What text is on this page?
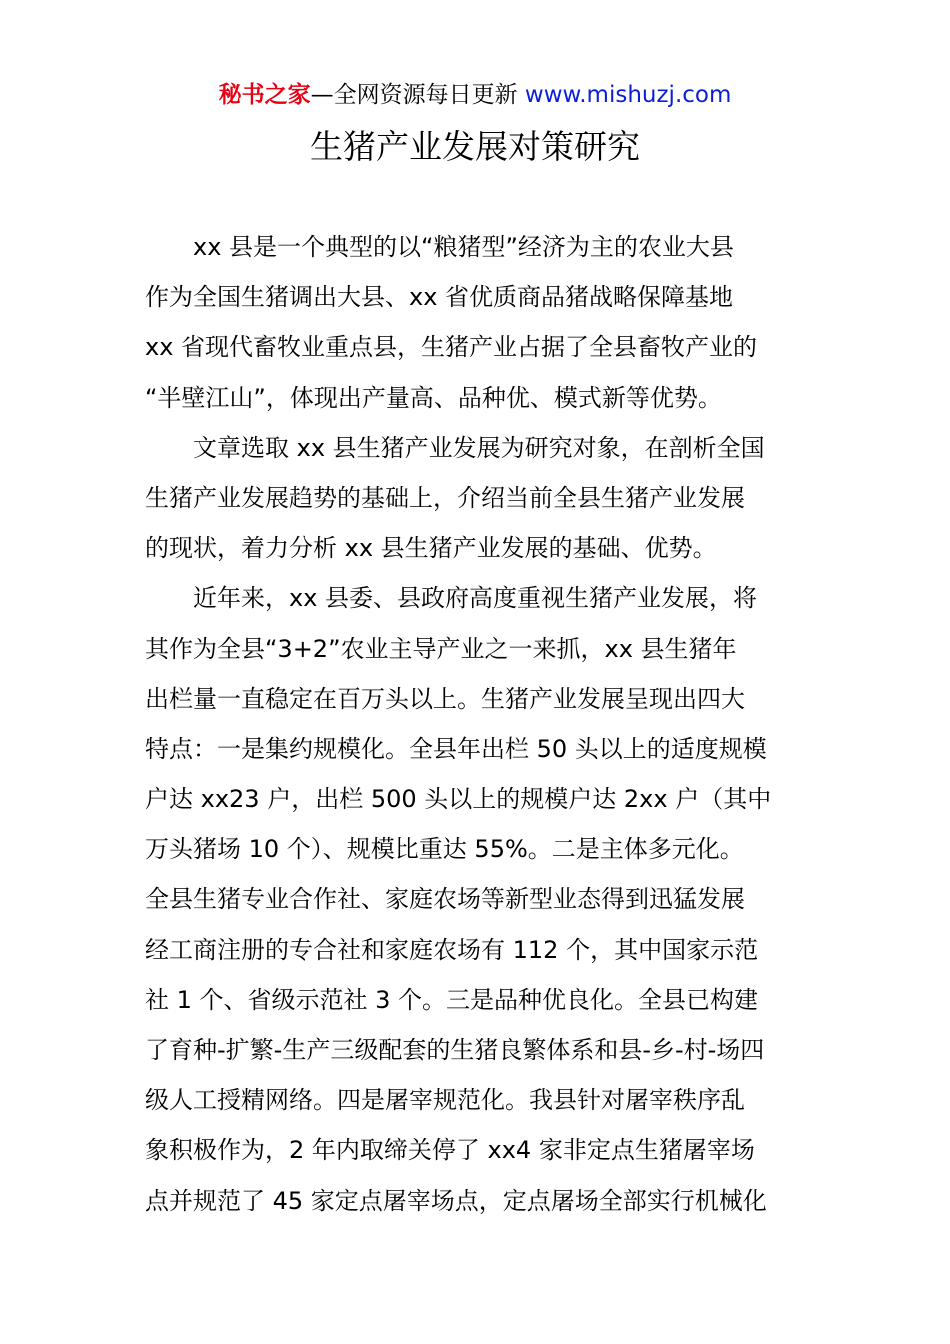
秘书之家—全网资源每日更新 www.mishuzj.com
生猪产业发展对策研究
xx 县是一个典型的以“粮猪型”经济为主的农业大县
作为全国生猪调出大县、xx 省优质商品猪战略保障基地
xx 省现代畜牧业重点县，生猪产业占据了全县畜牧产业的
“半壁江山”，体现出产量高、品种优、模式新等优势。
文章选取 xx 县生猪产业发展为研究对象，在剖析全国
生猪产业发展趋势的基础上，介绍当前全县生猪产业发展
的现状，着力分析 xx 县生猪产业发展的基础、优势。
近年来，xx 县委、县政府高度重视生猪产业发展，将
其作为全县“3+2”农业主导产业之一来抓，xx 县生猪年
出栏量一直稳定在百万头以上。生猪产业发展呈现出四大
特点：一是集约规模化。全县年出栏 50 头以上的适度规模
户达 xx23 户，出栏 500 头以上的规模户达 2xx 户（其中
万头猪场 10 个）、规模比重达 55%。二是主体多元化。
全县生猪专业合作社、家庭农场等新型业态得到迅猛发展
经工商注册的专合社和家庭农场有 112 个，其中国家示范
社 1 个、省级示范社 3 个。三是品种优良化。全县已构建
了育种-扩繁-生产三级配套的生猪良繁体系和县-乡-村-场四
级人工授精网络。四是屠宰规范化。我县针对屠宰秩序乱
象积极作为，2 年内取缔关停了 xx4 家非定点生猪屠宰场
点并规范了 45 家定点屠宰场点，定点屠场全部实行机械化
